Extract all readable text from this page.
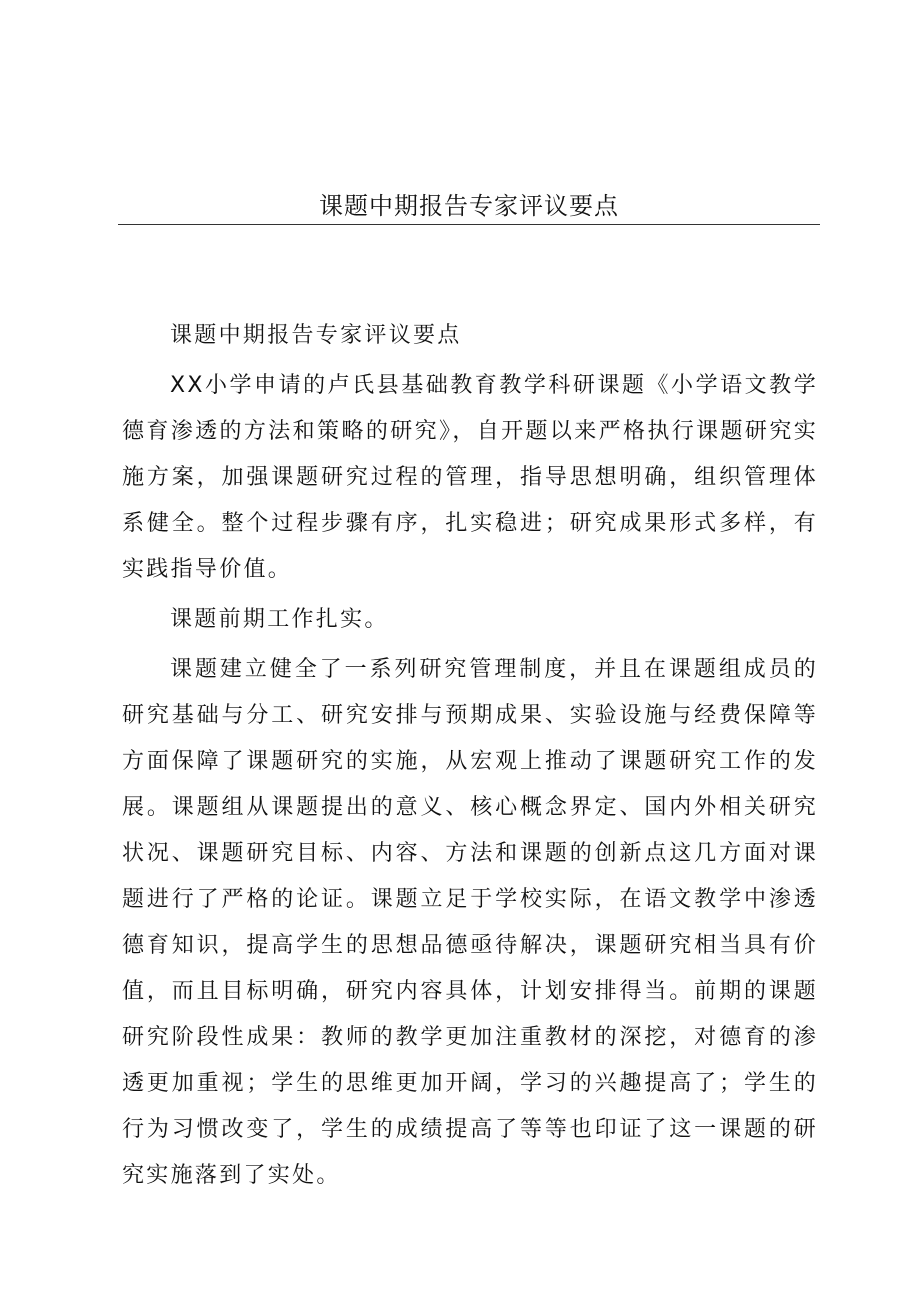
课题中期报告专家评议要点

课题中期报告专家评议要点

XX小学申请的卢氏县基础教育教学科研课题《小学语文教学德育渗透的方法和策略的研究》，自开题以来严格执行课题研究实施方案，加强课题研究过程的管理，指导思想明确，组织管理体系健全。整个过程步骤有序，扎实稳进；研究成果形式多样，有实践指导价值。

课题前期工作扎实。

课题建立健全了一系列研究管理制度，并且在课题组成员的研究基础与分工、研究安排与预期成果、实验设施与经费保障等方面保障了课题研究的实施，从宏观上推动了课题研究工作的发展。课题组从课题提出的意义、核心概念界定、国内外相关研究状况、课题研究目标、内容、方法和课题的创新点这几方面对课题进行了严格的论证。课题立足于学校实际，在语文教学中渗透德育知识，提高学生的思想品德亟待解决，课题研究相当具有价值，而且目标明确，研究内容具体，计划安排得当。前期的课题研究阶段性成果：教师的教学更加注重教材的深挖，对德育的渗透更加重视；学生的思维更加开阔，学习的兴趣提高了；学生的行为习惯改变了，学生的成绩提高了等等也印证了这一课题的研究实施落到了实处。
